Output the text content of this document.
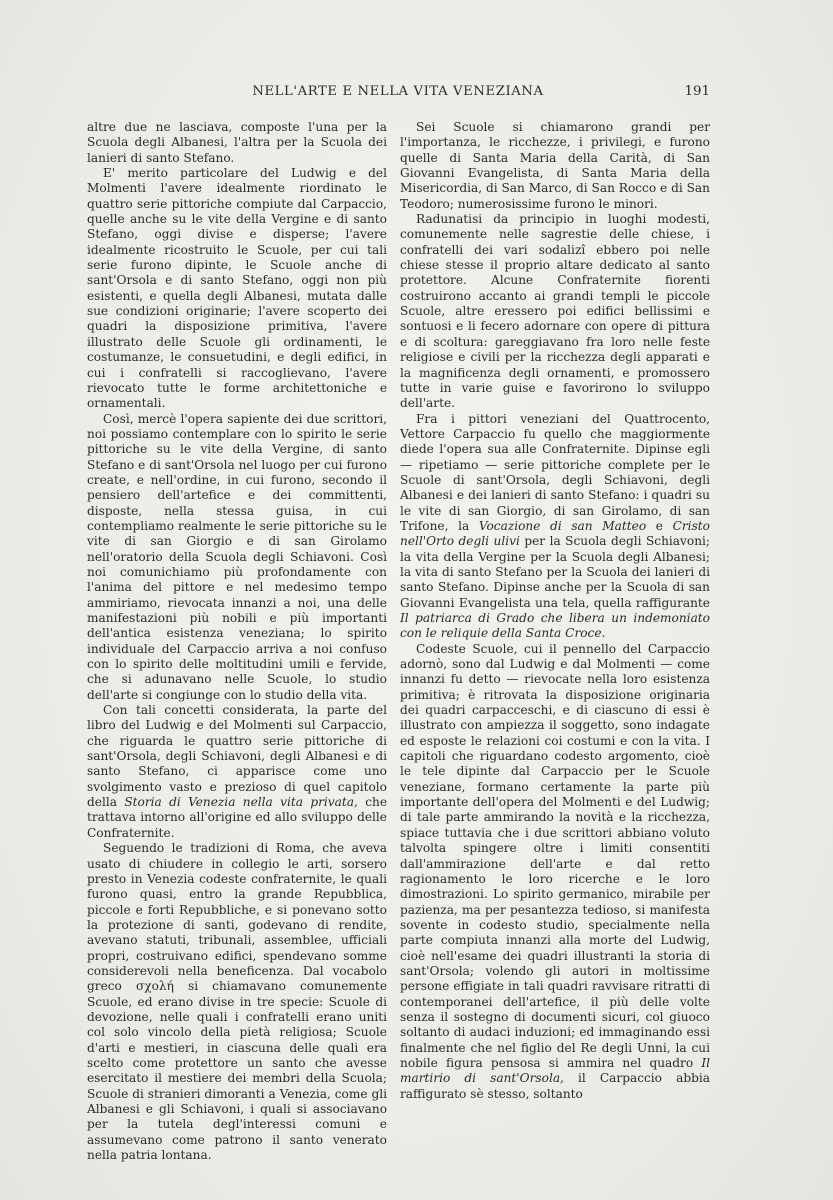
NELL'ARTE E NELLA VITA VENEZIANA	191

altre due ne lasciava, composte l'una per la Scuola degli Albanesi, l'altra per la Scuola dei lanieri di santo Stefano.

E' merito particolare del Ludwig e del Molmenti l'avere idealmente riordinato le quattro serie pittoriche compiute dal Carpaccio, quelle anche su le vite della Vergine e di santo Stefano, oggi divise e disperse; l'avere idealmente ricostruito le Scuole, per cui tali serie furono dipinte, le Scuole anche di sant'Orsola e di santo Stefano, oggi non più esistenti, e quella degli Albanesi, mutata dalle sue condizioni originarie; l'avere scoperto dei quadri la disposizione primitiva, l'avere illustrato delle Scuole gli ordinamenti, le costumanze, le consuetudini, e degli edifici, in cui i confratelli si raccoglievano, l'avere rievocato tutte le forme architettoniche e ornamentali.

Così, mercè l'opera sapiente dei due scrittori, noi possiamo contemplare con lo spirito le serie pittoriche su le vite della Vergine, di santo Stefano e di sant'Orsola nel luogo per cui furono create, e nell'ordine, in cui furono, secondo il pensiero dell'artefice e dei committenti, disposte, nella stessa guisa, in cui contempliamo realmente le serie pittoriche su le vite di san Giorgio e di san Girolamo nell'oratorio della Scuola degli Schiavoni. Così noi comunichiamo più profondamente con l'anima del pittore e nel medesimo tempo ammiriamo, rievocata innanzi a noi, una delle manifestazioni più nobili e più importanti dell'antica esistenza veneziana; lo spirito individuale del Carpaccio arriva a noi confuso con lo spirito delle moltitudini umili e fervide, che si adunavano nelle Scuole, lo studio dell'arte si congiunge con lo studio della vita.

Con tali concetti considerata, la parte del libro del Ludwig e del Molmenti sul Carpaccio, che riguarda le quattro serie pittoriche di sant'Orsola, degli Schiavoni, degli Albanesi e di santo Stefano, ci apparisce come uno svolgimento vasto e prezioso di quel capitolo della Storia di Venezia nella vita privata, che trattava intorno all'origine ed allo sviluppo delle Confraternite.

Seguendo le tradizioni di Roma, che aveva usato di chiudere in collegio le arti, sorsero presto in Venezia codeste confraternite, le quali furono quasi, entro la grande Repubblica, piccole e forti Repubbliche, e si ponevano sotto la protezione di santi, godevano di rendite, avevano statuti, tribunali, assemblee, ufficiali propri, costruivano edifici, spendevano somme considerevoli nella beneficenza. Dal vocabolo greco σχολή si chiamavano comunemente Scuole, ed erano divise in tre specie: Scuole di devozione, nelle quali i confratelli erano uniti col solo vincolo della pietà religiosa; Scuole d'arti e mestieri, in ciascuna delle quali era scelto come protettore un santo che avesse esercitato il mestiere dei membri della Scuola; Scuole di stranieri dimoranti a Venezia, come gli Albanesi e gli Schiavoni, i quali si associavano per la tutela degl'interessi comuni e assumevano come patrono il santo venerato nella patria lontana.

Sei Scuole si chiamarono grandi per l'importanza, le ricchezze, i privilegi, e furono quelle di Santa Maria della Carità, di San Giovanni Evangelista, di Santa Maria della Misericordia, di San Marco, di San Rocco e di San Teodoro; numerosissime furono le minori.

Radunatisi da principio in luoghi modesti, comunemente nelle sagrestie delle chiese, i confratelli dei vari sodalizî ebbero poi nelle chiese stesse il proprio altare dedicato al santo protettore. Alcune Confraternite fiorenti costruirono accanto ai grandi templi le piccole Scuole, altre eressero poi edifici bellissimi e sontuosi e li fecero adornare con opere di pittura e di scoltura: gareggiavano fra loro nelle feste religiose e civili per la ricchezza degli apparati e la magnificenza degli ornamenti, e promossero tutte in varie guise e favorirono lo sviluppo dell'arte.

Fra i pittori veneziani del Quattrocento, Vettore Carpaccio fu quello che maggiormente diede l'opera sua alle Confraternite. Dipinse egli — ripetiamo — serie pittoriche complete per le Scuole di sant'Orsola, degli Schiavoni, degli Albanesi e dei lanieri di santo Stefano: i quadri su le vite di san Giorgio, di san Girolamo, di san Trifone, la Vocazione di san Matteo e Cristo nell'Orto degli ulivi per la Scuola degli Schiavoni; la vita della Vergine per la Scuola degli Albanesi; la vita di santo Stefano per la Scuola dei lanieri di santo Stefano. Dipinse anche per la Scuola di san Giovanni Evangelista una tela, quella raffigurante Il patriarca di Grado che libera un indemoniato con le reliquie della Santa Croce.

Codeste Scuole, cui il pennello del Carpaccio adornò, sono dal Ludwig e dal Molmenti — come innanzi fu detto — rievocate nella loro esistenza primitiva; è ritrovata la disposizione originaria dei quadri carpacceschi, e di ciascuno di essi è illustrato con ampiezza il soggetto, sono indagate ed esposte le relazioni coi costumi e con la vita. I capitoli che riguardano codesto argomento, cioè le tele dipinte dal Carpaccio per le Scuole veneziane, formano certamente la parte più importante dell'opera del Molmenti e del Ludwig; di tale parte ammirando la novità e la ricchezza, spiace tuttavia che i due scrittori abbiano voluto talvolta spingere oltre i limiti consentiti dall'ammirazione dell'arte e dal retto ragionamento le loro ricerche e le loro dimostrazioni. Lo spirito germanico, mirabile per pazienza, ma per pesantezza tedioso, si manifesta sovente in codesto studio, specialmente nella parte compiuta innanzi alla morte del Ludwig, cioè nell'esame dei quadri illustranti la storia di sant'Orsola; volendo gli autori in moltissime persone effigiate in tali quadri ravvisare ritratti di contemporanei dell'artefice, il più delle volte senza il sostegno di documenti sicuri, col giuoco soltanto di audaci induzioni; ed immaginando essi finalmente che nel figlio del Re degli Unni, la cui nobile figura pensosa si ammira nel quadro Il martirio di sant'Orsola, il Carpaccio abbia raffigurato sè stesso, soltanto
